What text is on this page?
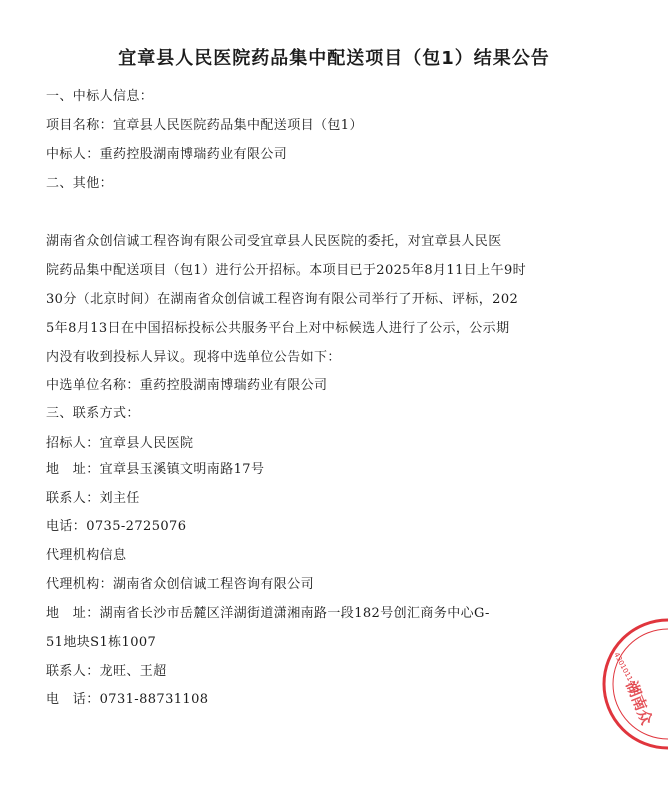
宜章县人民医院药品集中配送项目（包1）结果公告
一、中标人信息：
项目名称：宜章县人民医院药品集中配送项目（包1）
中标人：重药控股湖南博瑞药业有限公司
二、其他：
湖南省众创信诚工程咨询有限公司受宜章县人民医院的委托，对宜章县人民医
院药品集中配送项目（包1）进行公开招标。本项目已于2025年8月11日上午9时
30分（北京时间）在湖南省众创信诚工程咨询有限公司举行了开标、评标，202
5年8月13日在中国招标投标公共服务平台上对中标候选人进行了公示，公示期
内没有收到投标人异议。现将中选单位公告如下：
中选单位名称：重药控股湖南博瑞药业有限公司
三、联系方式：
招标人：宜章县人民医院
地　址：宜章县玉溪镇文明南路17号
联系人：刘主任
电话：0735-2725076
代理机构信息
代理机构：湖南省众创信诚工程咨询有限公司
地　址：湖南省长沙市岳麓区洋湖街道潇湘南路一段182号创汇商务中心G-
51地块S1栋1007
联系人：龙旺、王超
电　话：0731-88731108
4301011400
湖南众
